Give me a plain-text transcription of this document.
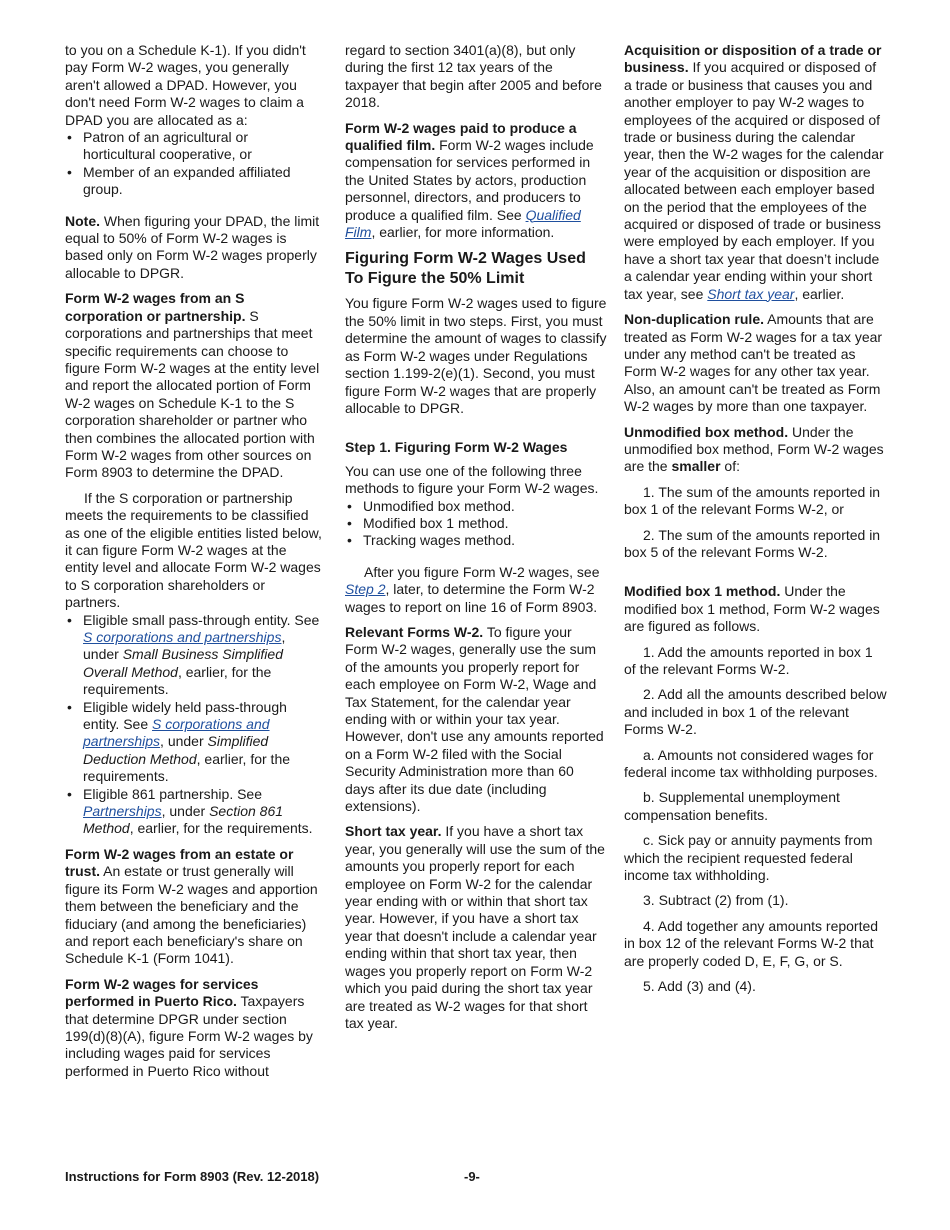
to you on a Schedule K-1). If you didn't pay Form W-2 wages, you generally aren't allowed a DPAD. However, you don't need Form W-2 wages to claim a DPAD you are allocated as a:

• Patron of an agricultural or horticultural cooperative, or
• Member of an expanded affiliated group.

Note. When figuring your DPAD, the limit equal to 50% of Form W-2 wages is based only on Form W-2 wages properly allocable to DPGR.

Form W-2 wages from an S corporation or partnership. S corporations and partnerships that meet specific requirements can choose to figure Form W-2 wages at the entity level and report the allocated portion of Form W-2 wages on Schedule K-1 to the S corporation shareholder or partner who then combines the allocated portion with Form W-2 wages from other sources on Form 8903 to determine the DPAD.

If the S corporation or partnership meets the requirements to be classified as one of the eligible entities listed below, it can figure Form W-2 wages at the entity level and allocate Form W-2 wages to S corporation shareholders or partners.

• Eligible small pass-through entity. See S corporations and partnerships, under Small Business Simplified Overall Method, earlier, for the requirements.
• Eligible widely held pass-through entity. See S corporations and partnerships, under Simplified Deduction Method, earlier, for the requirements.
• Eligible 861 partnership. See Partnerships, under Section 861 Method, earlier, for the requirements.

Form W-2 wages from an estate or trust. An estate or trust generally will figure its Form W-2 wages and apportion them between the beneficiary and the fiduciary (and among the beneficiaries) and report each beneficiary's share on Schedule K-1 (Form 1041).

Form W-2 wages for services performed in Puerto Rico. Taxpayers that determine DPGR under section 199(d)(8)(A), figure Form W-2 wages by including wages paid for services performed in Puerto Rico without

regard to section 3401(a)(8), but only during the first 12 tax years of the taxpayer that begin after 2005 and before 2018.

Form W-2 wages paid to produce a qualified film. Form W-2 wages include compensation for services performed in the United States by actors, production personnel, directors, and producers to produce a qualified film. See Qualified Film, earlier, for more information.

Figuring Form W-2 Wages Used To Figure the 50% Limit

You figure Form W-2 wages used to figure the 50% limit in two steps. First, you must determine the amount of wages to classify as Form W-2 wages under Regulations section 1.199-2(e)(1). Second, you must figure Form W-2 wages that are properly allocable to DPGR.

Step 1. Figuring Form W-2 Wages

You can use one of the following three methods to figure your Form W-2 wages.

• Unmodified box method.
• Modified box 1 method.
• Tracking wages method.

After you figure Form W-2 wages, see Step 2, later, to determine the Form W-2 wages to report on line 16 of Form 8903.

Relevant Forms W-2. To figure your Form W-2 wages, generally use the sum of the amounts you properly report for each employee on Form W-2, Wage and Tax Statement, for the calendar year ending with or within your tax year. However, don't use any amounts reported on a Form W-2 filed with the Social Security Administration more than 60 days after its due date (including extensions).

Short tax year. If you have a short tax year, you generally will use the sum of the amounts you properly report for each employee on Form W-2 for the calendar year ending with or within that short tax year. However, if you have a short tax year that doesn't include a calendar year ending within that short tax year, then wages you properly report on Form W-2 which you paid during the short tax year are treated as W-2 wages for that short tax year.

Acquisition or disposition of a trade or business. If you acquired or disposed of a trade or business that causes you and another employer to pay W-2 wages to employees of the acquired or disposed of trade or business during the calendar year, then the W-2 wages for the calendar year of the acquisition or disposition are allocated between each employer based on the period that the employees of the acquired or disposed of trade or business were employed by each employer. If you have a short tax year that doesn’t include a calendar year ending within your short tax year, see Short tax year, earlier.

Non-duplication rule. Amounts that are treated as Form W-2 wages for a tax year under any method can't be treated as Form W-2 wages for any other tax year. Also, an amount can't be treated as Form W-2 wages by more than one taxpayer.

Unmodified box method. Under the unmodified box method, Form W-2 wages are the smaller of:

1. The sum of the amounts reported in box 1 of the relevant Forms W-2, or

2. The sum of the amounts reported in box 5 of the relevant Forms W-2.

Modified box 1 method. Under the modified box 1 method, Form W-2 wages are figured as follows.

1. Add the amounts reported in box 1 of the relevant Forms W-2.

2. Add all the amounts described below and included in box 1 of the relevant Forms W-2.

a. Amounts not considered wages for federal income tax withholding purposes.

b. Supplemental unemployment compensation benefits.

c. Sick pay or annuity payments from which the recipient requested federal income tax withholding.

3. Subtract (2) from (1).

4. Add together any amounts reported in box 12 of the relevant Forms W-2 that are properly coded D, E, F, G, or S.

5. Add (3) and (4).

Instructions for Form 8903 (Rev. 12-2018)	-9-
